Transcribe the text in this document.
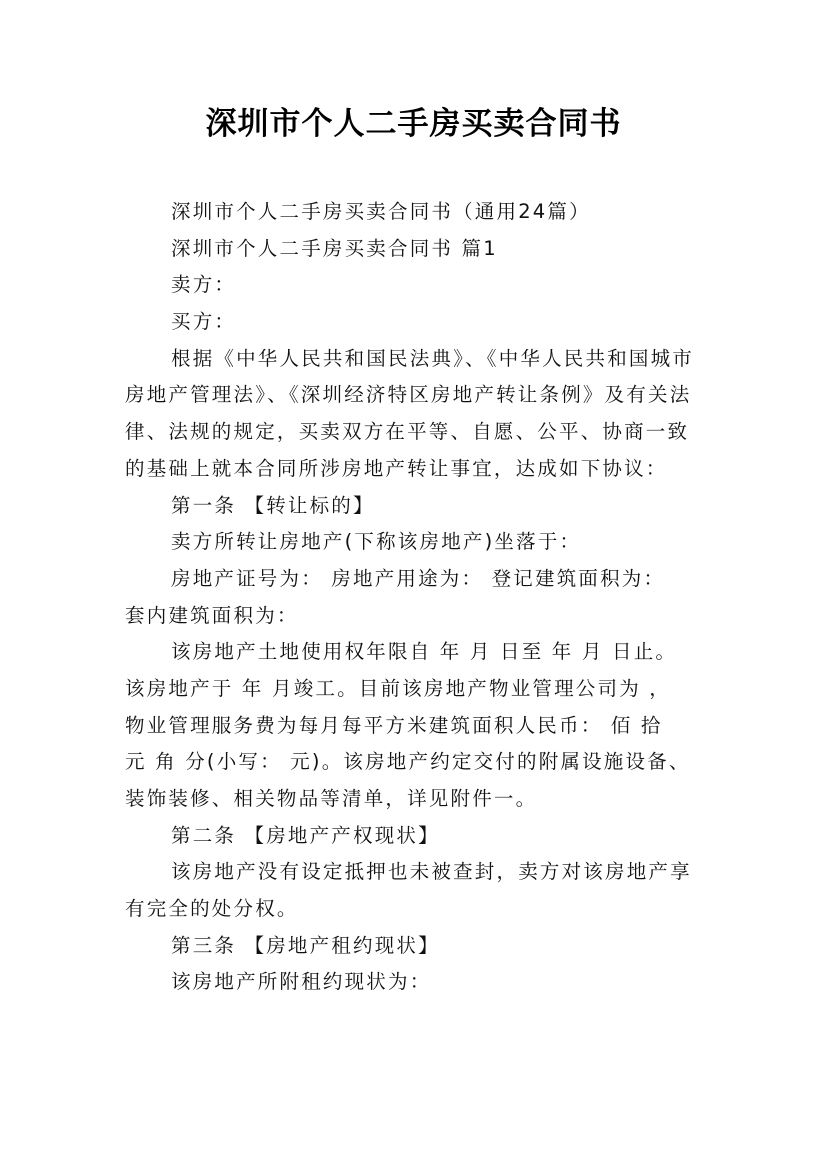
深圳市个人二手房买卖合同书
深圳市个人二手房买卖合同书（通用24篇）
深圳市个人二手房买卖合同书 篇1
卖方：
买方：
根据《中华人民共和国民法典》、《中华人民共和国城市
房地产管理法》、《深圳经济特区房地产转让条例》及有关法
律、法规的规定，买卖双方在平等、自愿、公平、协商一致
的基础上就本合同所涉房地产转让事宜，达成如下协议：
第一条 【转让标的】
卖方所转让房地产(下称该房地产)坐落于：
房地产证号为： 房地产用途为： 登记建筑面积为：
套内建筑面积为：
该房地产土地使用权年限自 年 月 日至 年 月 日止。
该房地产于 年 月竣工。目前该房地产物业管理公司为 ，
物业管理服务费为每月每平方米建筑面积人民币： 佰 拾
元 角 分(小写： 元)。该房地产约定交付的附属设施设备、
装饰装修、相关物品等清单，详见附件一。
第二条 【房地产产权现状】
该房地产没有设定抵押也未被查封，卖方对该房地产享
有完全的处分权。
第三条 【房地产租约现状】
该房地产所附租约现状为：
